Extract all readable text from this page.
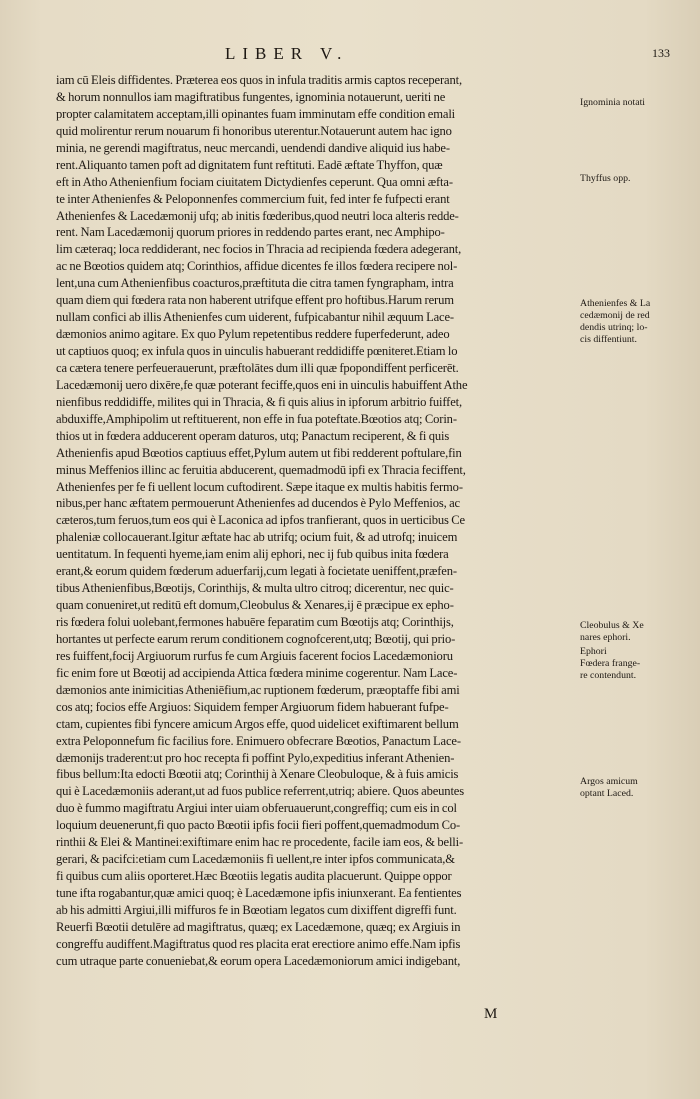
LIBER V.	133
iam cū Eleis diffidentes. Præterea eos quos in infula traditis armis captos receperant,
& horum nonnullos iam magiftratibus fungentes, ignominia notauerunt, ueriti ne
propter calamitatem acceptam,illi opinantes fuam imminutam effe condition emali
quid molirentur rerum nouarum fi honoribus uterentur.Notauerunt autem hac igno
minia, ne gerendi magiftratus, neuc mercandi, uendendi dandive aliquid ius habe-
rent.Aliquanto tamen poft ad dignitatem funt reftituti. Eadē æftate Thyffon, quæ
eft in Atho Athenienfium fociam ciuitatem Dictydienfes ceperunt. Qua omni æfta-
te inter Athenienfes & Peloponnenfes commercium fuit, fed inter fe fufpecti erant
Athenienfes & Lacedæmonij ufq; ab initis fœderibus,quod neutri loca alteris redde-
rent. Nam Lacedæmonij quorum priores in reddendo partes erant, nec Amphipo-
lim cæteraq; loca reddiderant, nec focios in Thracia ad recipienda fœdera adegerant,
ac ne Bœotios quidem atq; Corinthios, affidue dicentes fe illos fœdera recipere nol-
lent,una cum Athenienfibus coacturos,præftituta die citra tamen fyngrapham, intra
quam diem qui fœdera rata non haberent utrifque effent pro hoftibus.Harum rerum
nullam confici ab illis Athenienfes cum uiderent, fufpicabantur nihil æquum Lace-
dæmonios animo agitare. Ex quo Pylum repetentibus reddere fuperfederunt, adeo
ut captiuos quoq; ex infula quos in uinculis habuerant reddidiffe pœniteret.Etiam lo
ca cætera tenere perfeuerauerunt, præftolātes dum illi quæ fpopondiffent perficerēt.
Lacedæmonij uero dixēre,fe quæ poterant feciffe,quos eni in uinculis habuiffent Athe
nienfibus reddidiffe, milites qui in Thracia, & fi quis alius in ipforum arbitrio fuiffet,
abduxiffe,Amphipolim ut reftituerent, non effe in fua poteftate.Bœotios atq; Corin-
thios ut in fœdera adducerent operam daturos, utq; Panactum reciperent, & fi quis
Athenienfis apud Bœotios captiuus effet,Pylum autem ut fibi redderent poftulare,fin
minus Meffenios illinc ac feruitia abducerent, quemadmodū ipfi ex Thracia feciffent,
Athenienfes per fe fi uellent locum cuftodirent. Sæpe itaque ex multis habitis fermo-
nibus,per hanc æftatem permouerunt Athenienfes ad ducendos è Pylo Meffenios, ac
cæteros,tum feruos,tum eos qui è Laconica ad ipfos tranfierant, quos in uerticibus Ce
phaleniæ collocauerant.Igitur æftate hac ab utrifq; ocium fuit, & ad utrofq; inuicem
uentitatum. In fequenti hyeme,iam enim alij ephori, nec ij fub quibus inita fœdera
erant,& eorum quidem fœderum aduerfarij,cum legati à focietate ueniffent,præfen-
tibus Athenienfibus,Bœotijs, Corinthijs, & multa ultro citroq; dicerentur, nec quic-
quam conueniret,ut reditū eft domum,Cleobulus & Xenares,ij ē præcipue ex epho-
ris fœdera folui uolebant,fermones habuēre feparatim cum Bœotijs atq; Corinthijs,
hortantes ut perfecte earum rerum conditionem cognofcerent,utq; Bœotij, qui prio-
res fuiffent,focij Argiuorum rurfus fe cum Argiuis facerent focios Lacedæmonioru
fic enim fore ut Bœotij ad accipienda Attica fœdera minime cogerentur. Nam Lace-
dæmonios ante inimicitias Atheniēfium,ac ruptionem fœderum, præoptaffe fibi ami
cos atq; focios effe Argiuos: Siquidem femper Argiuorum fidem habuerant fufpe-
ctam, cupientes fibi fyncere amicum Argos effe, quod uidelicet exiftimarent bellum
extra Peloponnefum fic facilius fore. Enimuero obfecrare Bœotios, Panactum Lace-
dæmonijs traderent:ut pro hoc recepta fi poffint Pylo,expeditius inferant Athenien-
fibus bellum:Ita edocti Bœotii atq; Corinthij à Xenare Cleobuloque, & à fuis amicis
qui è Lacedæmoniis aderant,ut ad fuos publice referrent,utriq; abiere. Quos abeuntes
duo è fummo magiftratu Argiui inter uiam obferuauerunt,congreffiq; cum eis in col
loquium deuenerunt,fi quo pacto Bœotii ipfis focii fieri poffent,quemadmodum Co-
rinthii & Elei & Mantinei:exiftimare enim hac re procedente, facile iam eos, & belli-
gerari, & pacifci:etiam cum Lacedæmoniis fi uellent,re inter ipfos communicata,&
fi quibus cum aliis oporteret.Hæc Bœotiis legatis audita placuerunt. Quippe oppor
tune ifta rogabantur,quæ amici quoq; è Lacedæmone ipfis iniunxerant. Ea fentientes
ab his admitti Argiui,illi miffuros fe in Bœotiam legatos cum dixiffent digreffi funt.
Reuerfi Bœotii detulēre ad magiftratus, quæq; ex Lacedæmone, quæq; ex Argiuis in
congreffu audiffent.Magiftratus quod res placita erat erectiore animo effe.Nam ipfis
cum utraque parte conueniebat,& eorum opera Lacedæmoniorum amici indigebant,
Ignominia notati
Thyffus opp.
Athenienfes & La
cedæmonij de red
dendis utrinq; lo-
cis diffentiunt.
Cleobulus & Xe
nares ephori.
Ephori
Fœdera frange-
re contendunt.
Argos amicum
optant Laced.
M
